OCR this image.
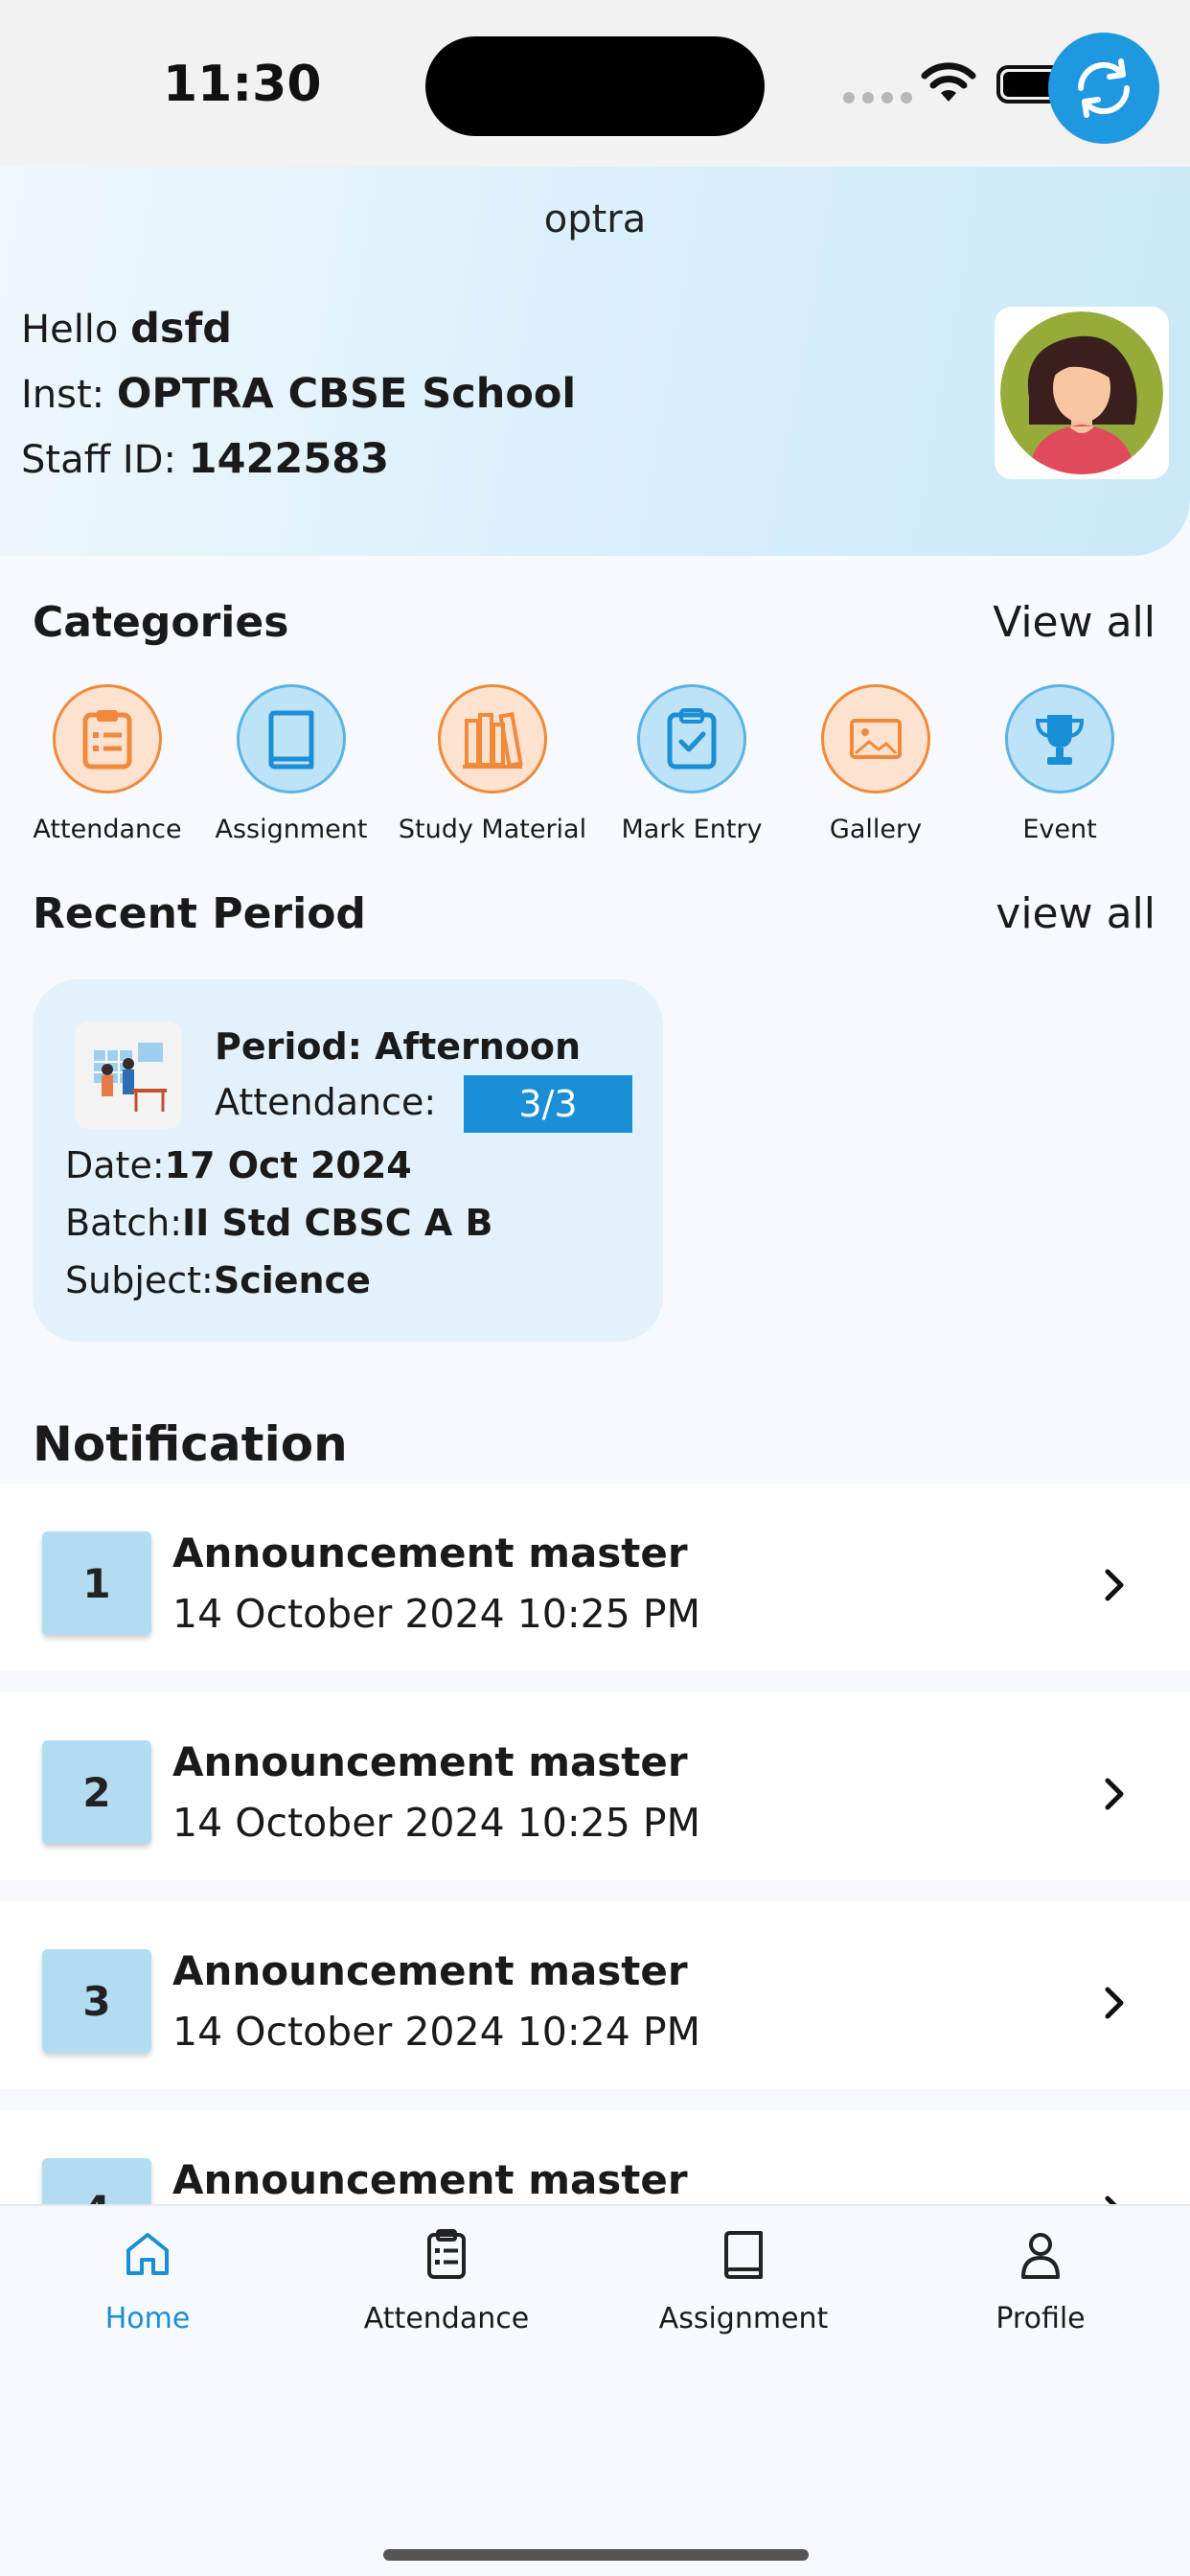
11:30
optra
Hello dsfd
Inst: OPTRA CBSE School
Staff ID: 1422583
Categories	View all
Attendance	Assignment	Study Material	Mark Entry	Gallery	Event
Recent Period	view all
Period: Afternoon
Attendance:	3/3
Date:17 Oct 2024
Batch:II Std CBSC A B
Subject:Science
Notification
1
Announcement master
14 October 2024 10:25 PM
2
Announcement master
14 October 2024 10:25 PM
3
Announcement master
14 October 2024 10:24 PM
Announcement master
Home	Attendance	Assignment	Profile
